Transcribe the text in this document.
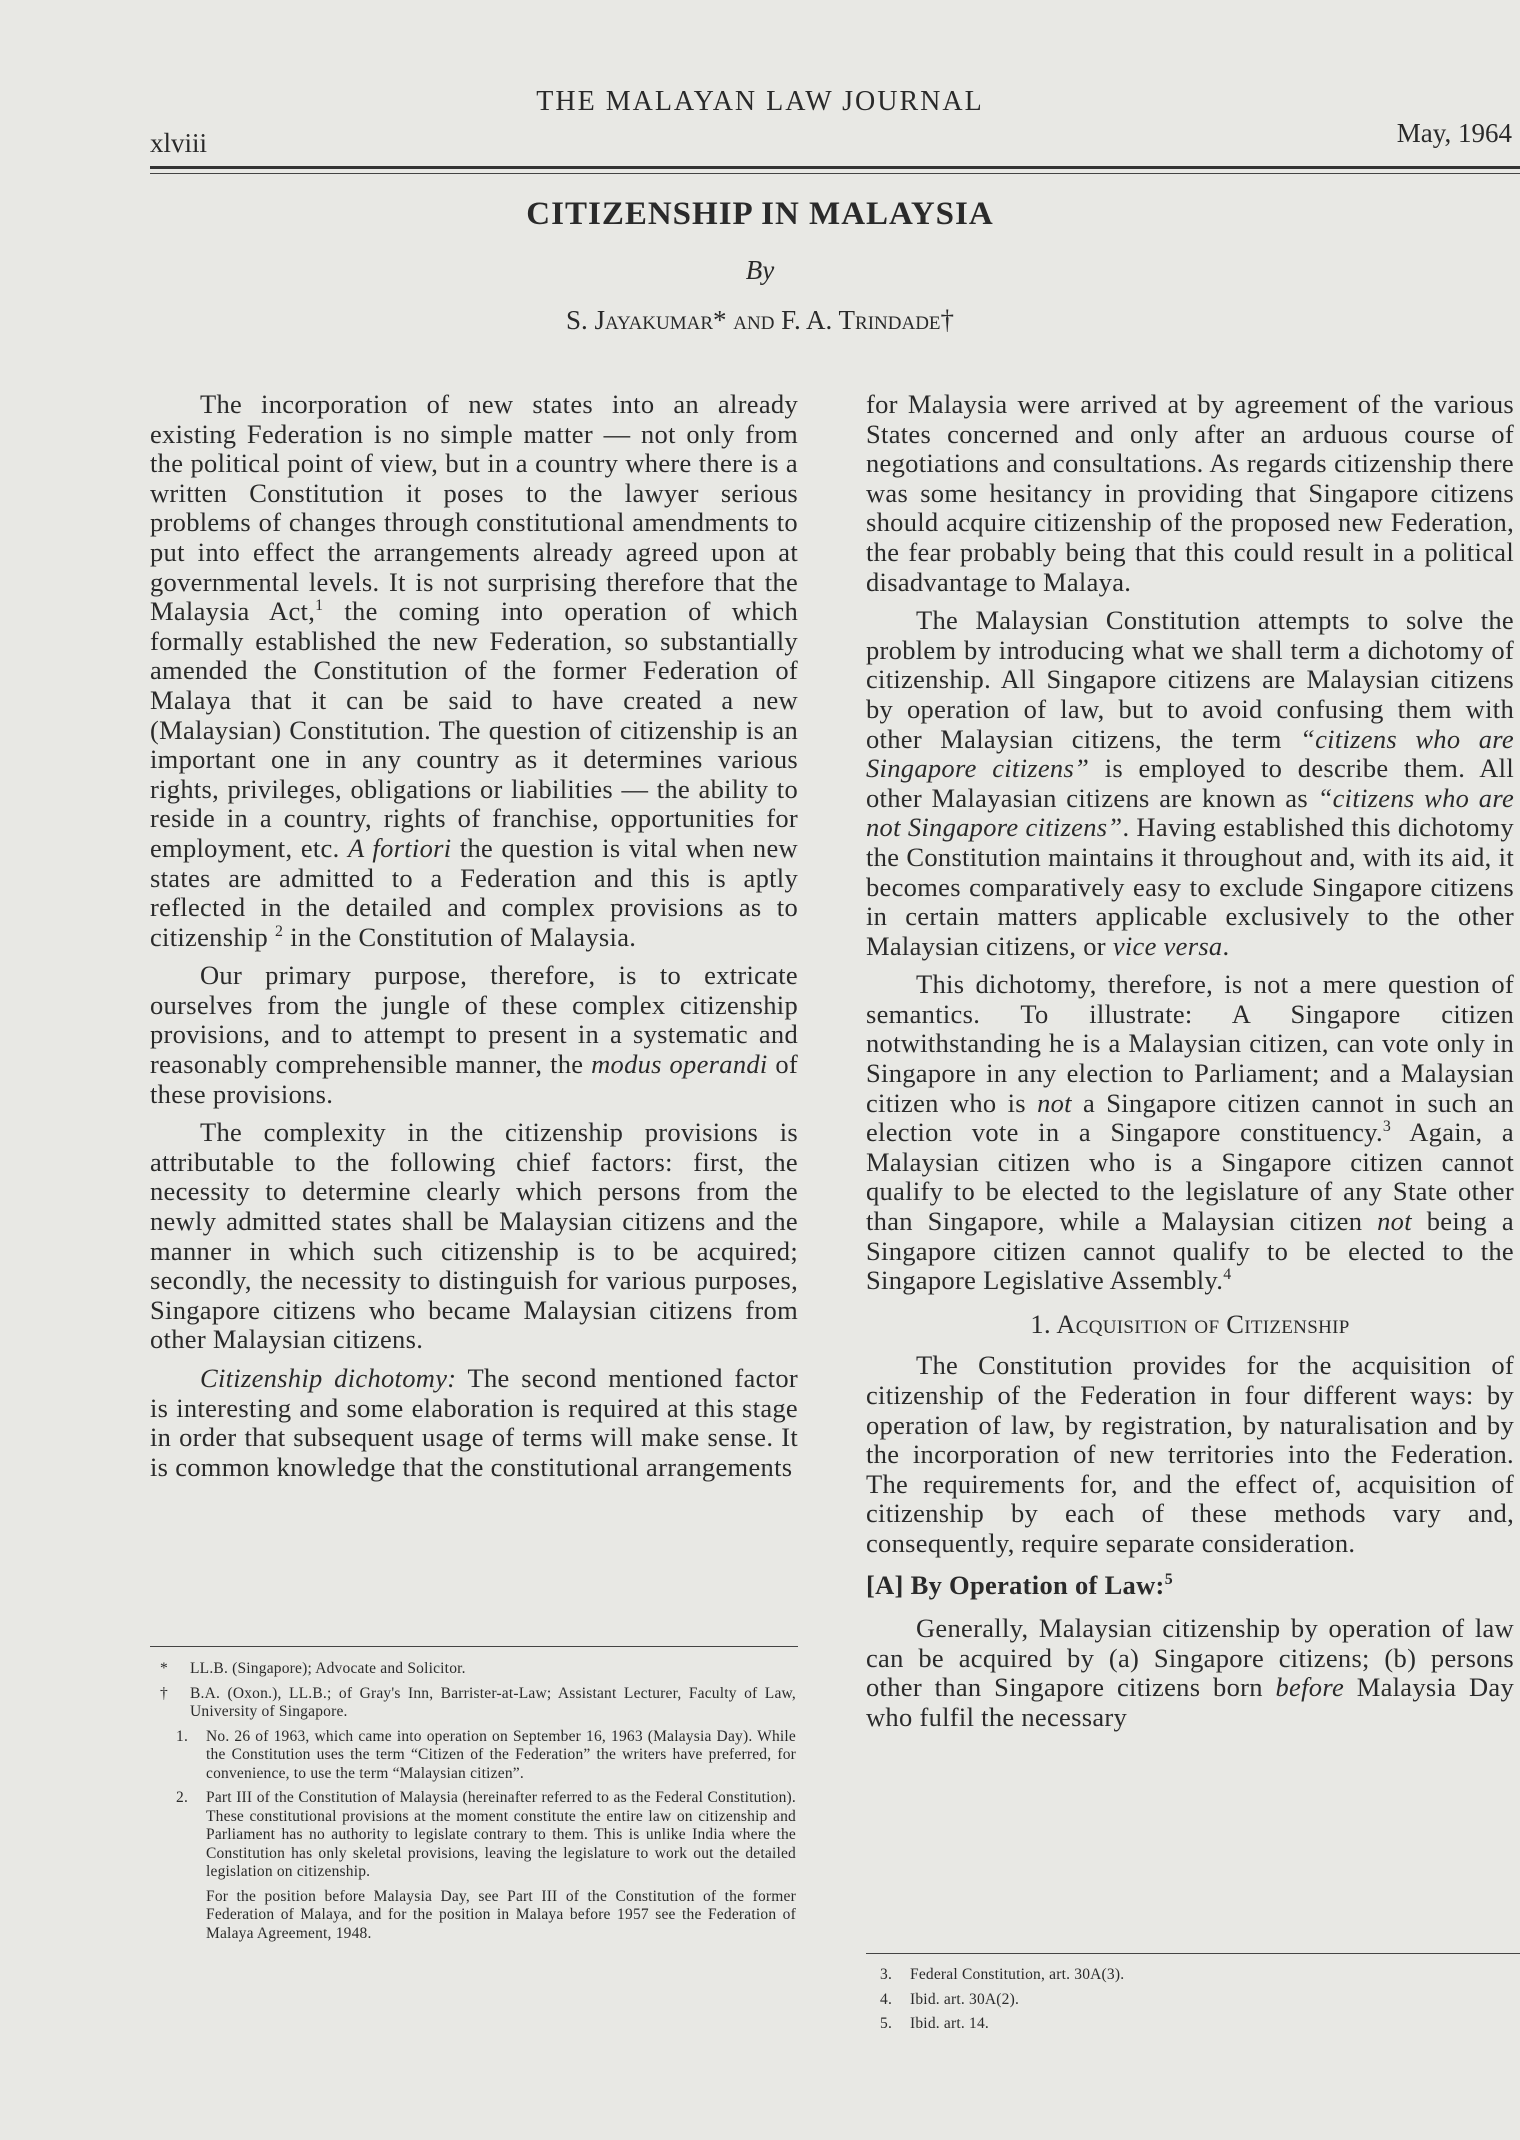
THE MALAYAN LAW JOURNAL
xlviii	May, 1964
CITIZENSHIP IN MALAYSIA
By
S. Jayakumar* and F. A. Trindade†

The incorporation of new states into an already existing Federation is no simple matter — not only from the political point of view, but in a country where there is a written Constitution it poses to the lawyer serious problems of changes through constitutional amendments to put into effect the arrangements already agreed upon at governmental levels. It is not surprising therefore that the Malaysia Act,$^1$ the coming into operation of which formally established the new Federation, so substantially amended the Constitution of the former Federation of Malaya that it can be said to have created a new (Malaysian) Constitution. The question of citizenship is an important one in any country as it determines various rights, privileges, obligations or liabilities — the ability to reside in a country, rights of franchise, opportunities for employment, etc. A fortiori the question is vital when new states are admitted to a Federation and this is aptly reflected in the detailed and complex provisions as to citizenship $^2$ in the Constitution of Malaysia.

Our primary purpose, therefore, is to extricate ourselves from the jungle of these complex citizenship provisions, and to attempt to present in a systematic and reasonably comprehensible manner, the modus operandi of these provisions.

The complexity in the citizenship provisions is attributable to the following chief factors: first, the necessity to determine clearly which persons from the newly admitted states shall be Malaysian citizens and the manner in which such citizenship is to be acquired; secondly, the necessity to distinguish for various purposes, Singapore citizens who became Malaysian citizens from other Malaysian citizens.

Citizenship dichotomy: The second mentioned factor is interesting and some elaboration is required at this stage in order that subsequent usage of terms will make sense. It is common knowledge that the constitutional arrangements

for Malaysia were arrived at by agreement of the various States concerned and only after an arduous course of negotiations and consultations. As regards citizenship there was some hesitancy in providing that Singapore citizens should acquire citizenship of the proposed new Federation, the fear probably being that this could result in a political disadvantage to Malaya.

The Malaysian Constitution attempts to solve the problem by introducing what we shall term a dichotomy of citizenship. All Singapore citizens are Malaysian citizens by operation of law, but to avoid confusing them with other Malaysian citizens, the term “citizens who are Singapore citizens” is employed to describe them. All other Malayasian citizens are known as “citizens who are not Singapore citizens”. Having established this dichotomy the Constitution maintains it throughout and, with its aid, it becomes comparatively easy to exclude Singapore citizens in certain matters applicable exclusively to the other Malaysian citizens, or vice versa.

This dichotomy, therefore, is not a mere question of semantics. To illustrate: A Singapore citizen notwithstanding he is a Malaysian citizen, can vote only in Singapore in any election to Parliament; and a Malaysian citizen who is not a Singapore citizen cannot in such an election vote in a Singapore constituency.$^3$ Again, a Malaysian citizen who is a Singapore citizen cannot qualify to be elected to the legislature of any State other than Singapore, while a Malaysian citizen not being a Singapore citizen cannot qualify to be elected to the Singapore Legislative Assembly.$^4$

1. Acquisition of Citizenship

The Constitution provides for the acquisition of citizenship of the Federation in four different ways: by operation of law, by registration, by naturalisation and by the incorporation of new territories into the Federation. The requirements for, and the effect of, acquisition of citizenship by each of these methods vary and, consequently, require separate consideration.

[A] By Operation of Law:$^5$

Generally, Malaysian citizenship by operation of law can be acquired by (a) Singapore citizens; (b) persons other than Singapore citizens born before Malaysia Day who fulfil the necessary

*	LL.B. (Singapore); Advocate and Solicitor.
†	B.A. (Oxon.), LL.B.; of Gray's Inn, Barrister-at-Law; Assistant Lecturer, Faculty of Law, University of Singapore.
1.	No. 26 of 1963, which came into operation on September 16, 1963 (Malaysia Day). While the Constitution uses the term “Citizen of the Federation” the writers have preferred, for convenience, to use the term “Malaysian citizen”.
2.	Part III of the Constitution of Malaysia (hereinafter referred to as the Federal Constitution). These constitutional provisions at the moment constitute the entire law on citizenship and Parliament has no authority to legislate contrary to them. This is unlike India where the Constitution has only skeletal provisions, leaving the legislature to work out the detailed legislation on citizenship.
For the position before Malaysia Day, see Part III of the Constitution of the former Federation of Malaya, and for the position in Malaya before 1957 see the Federation of Malaya Agreement, 1948.
3.	Federal Constitution, art. 30A(3).
4.	Ibid. art. 30A(2).
5.	Ibid. art. 14.
